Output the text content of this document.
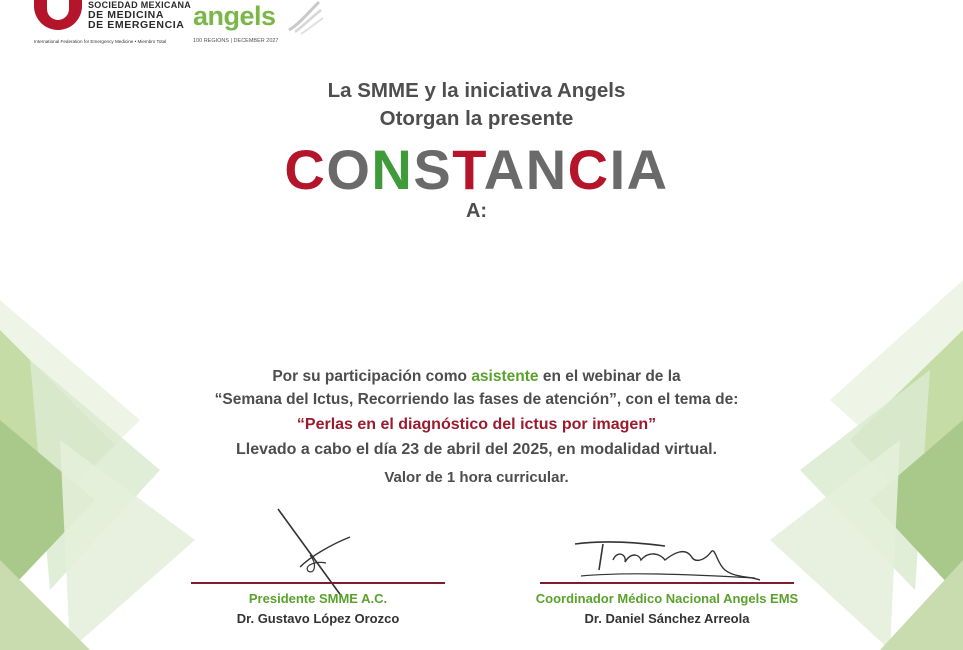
SOCIEDAD MEXICANA
DE MEDICINA
DE EMERGENCIA

International Federation for Emergency Medicine • Miembro Total
angels
100 REGIONS | DECEMBER 2027
La SMME y la iniciativa Angels
Otorgan la presente
CONSTANCIA
A:
Por su participación como asistente en el webinar de la
“Semana del Ictus, Recorriendo las fases de atención”, con el tema de:
“Perlas en el diagnóstico del ictus por imagen”
Llevado a cabo el día 23 de abril del 2025, en modalidad virtual.
Valor de 1 hora curricular.
Presidente SMME A.C.
Dr. Gustavo López Orozco
Coordinador Médico Nacional Angels EMS
Dr. Daniel Sánchez Arreola
